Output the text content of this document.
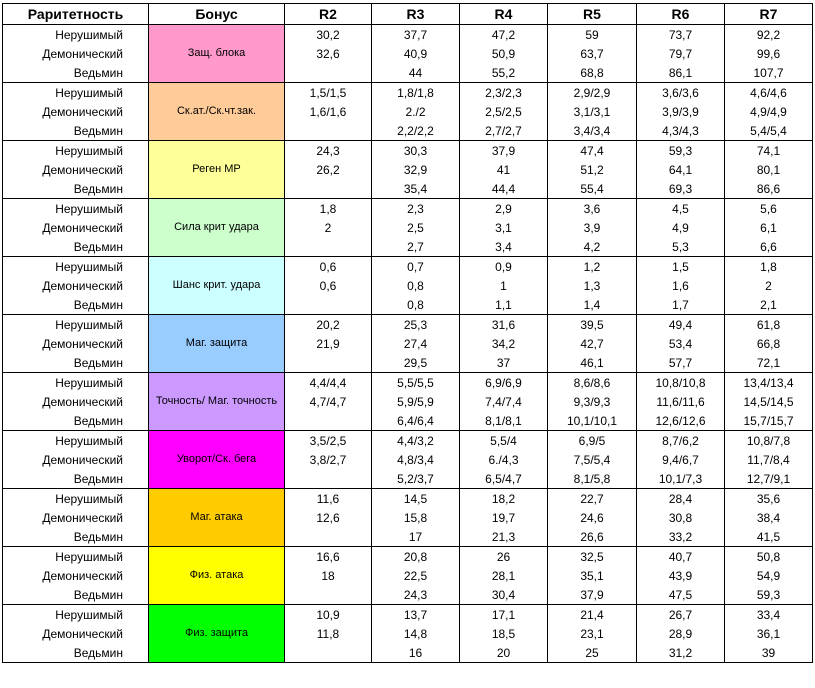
Раритетность	Бонус	R2	R3	R4	R5	R6	R7
Нерушимый	Защ. блока	30,2	37,7	47,2	59	73,7	92,2
Демонический		32,6	40,9	50,9	63,7	79,7	99,6
Ведьмин			44	55,2	68,8	86,1	107,7
Нерушимый	Ск.ат./Ск.чт.зак.	1,5/1,5	1,8/1,8	2,3/2,3	2,9/2,9	3,6/3,6	4,6/4,6
Демонический		1,6/1,6	2./2	2,5/2,5	3,1/3,1	3,9/3,9	4,9/4,9
Ведьмин			2,2/2,2	2,7/2,7	3,4/3,4	4,3/4,3	5,4/5,4
Нерушимый	Реген МР	24,3	30,3	37,9	47,4	59,3	74,1
Демонический		26,2	32,9	41	51,2	64,1	80,1
Ведьмин			35,4	44,4	55,4	69,3	86,6
Нерушимый	Сила крит удара	1,8	2,3	2,9	3,6	4,5	5,6
Демонический		2	2,5	3,1	3,9	4,9	6,1
Ведьмин			2,7	3,4	4,2	5,3	6,6
Нерушимый	Шанс крит. удара	0,6	0,7	0,9	1,2	1,5	1,8
Демонический		0,6	0,8	1	1,3	1,6	2
Ведьмин			0,8	1,1	1,4	1,7	2,1
Нерушимый	Маг. защита	20,2	25,3	31,6	39,5	49,4	61,8
Демонический		21,9	27,4	34,2	42,7	53,4	66,8
Ведьмин			29,5	37	46,1	57,7	72,1
Нерушимый	Точность/ Маг. точность	4,4/4,4	5,5/5,5	6,9/6,9	8,6/8,6	10,8/10,8	13,4/13,4
Демонический		4,7/4,7	5,9/5,9	7,4/7,4	9,3/9,3	11,6/11,6	14,5/14,5
Ведьмин			6,4/6,4	8,1/8,1	10,1/10,1	12,6/12,6	15,7/15,7
Нерушимый	Уворот/Ск. бега	3,5/2,5	4,4/3,2	5,5/4	6,9/5	8,7/6,2	10,8/7,8
Демонический		3,8/2,7	4,8/3,4	6./4,3	7,5/5,4	9,4/6,7	11,7/8,4
Ведьмин			5,2/3,7	6,5/4,7	8,1/5,8	10,1/7,3	12,7/9,1
Нерушимый	Маг. атака	11,6	14,5	18,2	22,7	28,4	35,6
Демонический		12,6	15,8	19,7	24,6	30,8	38,4
Ведьмин			17	21,3	26,6	33,2	41,5
Нерушимый	Физ. атака	16,6	20,8	26	32,5	40,7	50,8
Демонический		18	22,5	28,1	35,1	43,9	54,9
Ведьмин			24,3	30,4	37,9	47,5	59,3
Нерушимый	Физ. защита	10,9	13,7	17,1	21,4	26,7	33,4
Демонический		11,8	14,8	18,5	23,1	28,9	36,1
Ведьмин			16	20	25	31,2	39
